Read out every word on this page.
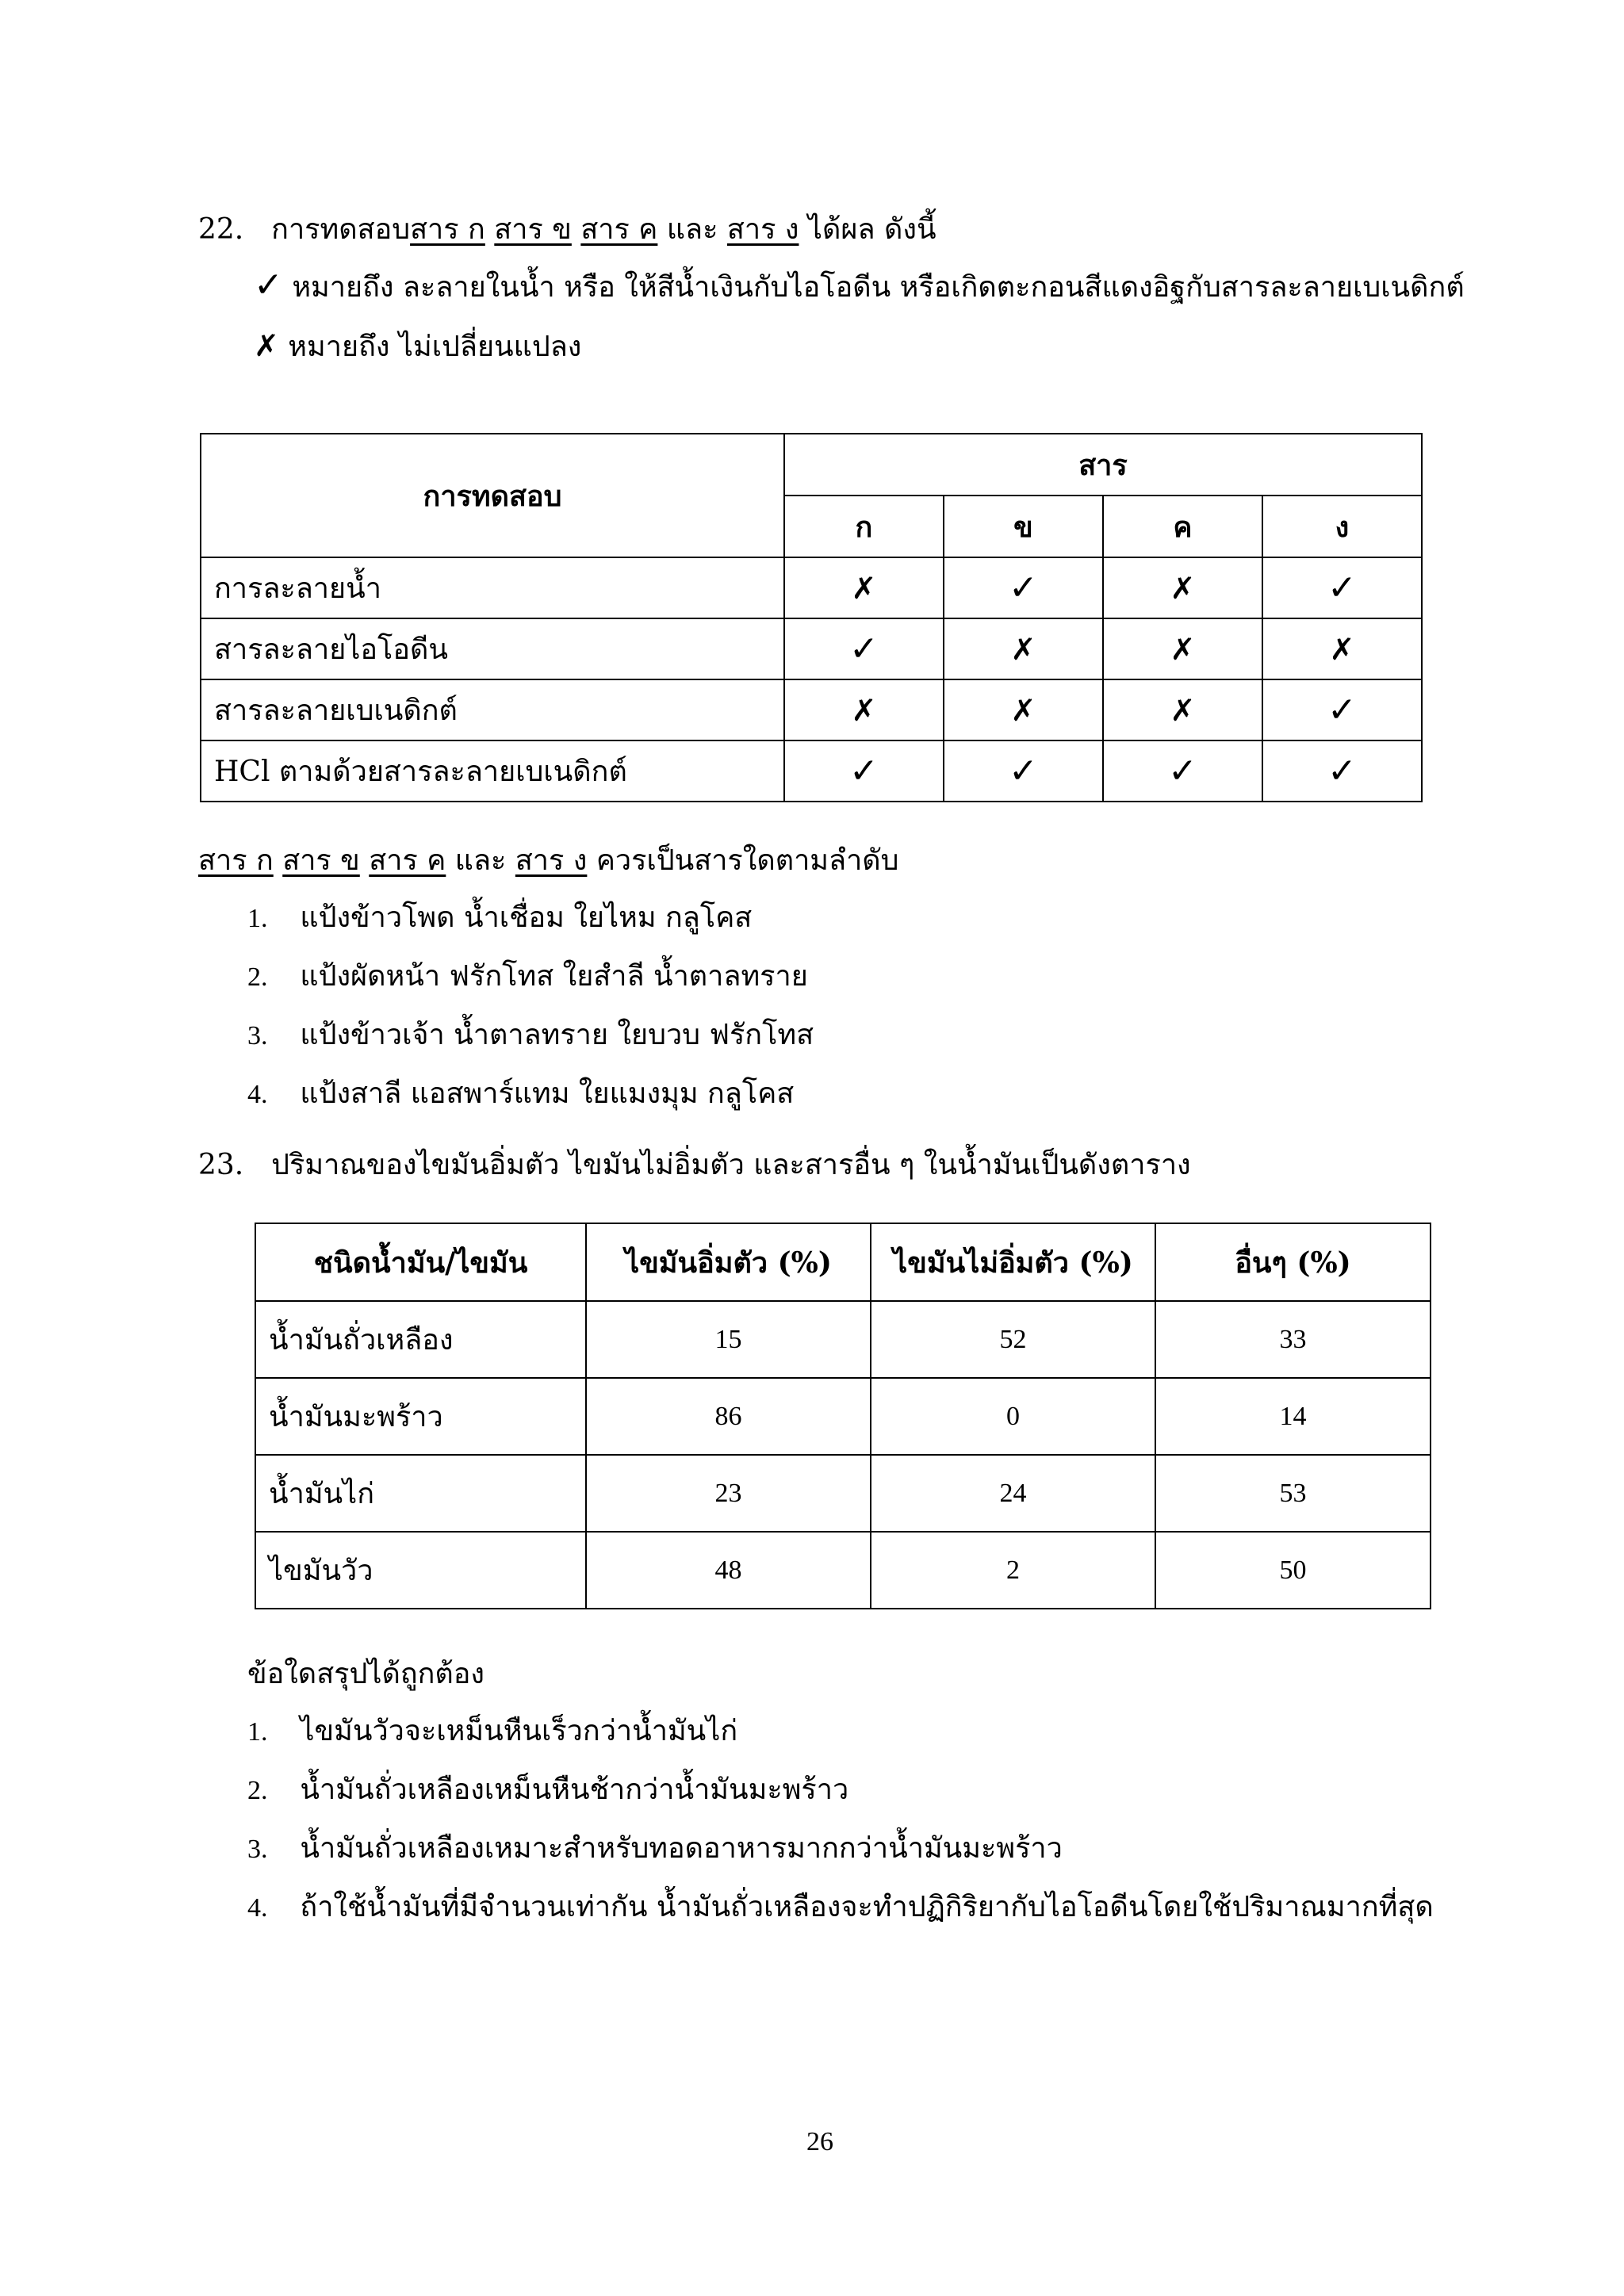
22. การทดสอบสาร ก สาร ข สาร ค และ สาร ง ได้ผล ดังนี้
✓ หมายถึง ละลายในน้ำ หรือ ให้สีน้ำเงินกับไอโอดีน หรือเกิดตะกอนสีแดงอิฐกับสารละลายเบเนดิกต์
✗ หมายถึง ไม่เปลี่ยนแปลง
การทดสอบ	สาร			
	ก	ข	ค	ง
การละลายน้ำ	✗	✓	✗	✓
สารละลายไอโอดีน	✓	✗	✗	✗
สารละลายเบเนดิกต์	✗	✗	✗	✓
HCl ตามด้วยสารละลายเบเนดิกต์	✓	✓	✓	✓
สาร ก สาร ข สาร ค และ สาร ง ควรเป็นสารใดตามลำดับ
1. แป้งข้าวโพด น้ำเชื่อม ใยไหม กลูโคส
2. แป้งผัดหน้า ฟรักโทส ใยสำลี น้ำตาลทราย
3. แป้งข้าวเจ้า น้ำตาลทราย ใยบวบ ฟรักโทส
4. แป้งสาลี แอสพาร์แทม ใยแมงมุม กลูโคส
23. ปริมาณของไขมันอิ่มตัว ไขมันไม่อิ่มตัว และสารอื่น ๆ ในน้ำมันเป็นดังตาราง
ชนิดน้ำมัน/ไขมัน	ไขมันอิ่มตัว (%)	ไขมันไม่อิ่มตัว (%)	อื่นๆ (%)
น้ำมันถั่วเหลือง	15	52	33
น้ำมันมะพร้าว	86	0	14
น้ำมันไก่	23	24	53
ไขมันวัว	48	2	50
ข้อใดสรุปได้ถูกต้อง
1. ไขมันวัวจะเหม็นหืนเร็วกว่าน้ำมันไก่
2. น้ำมันถั่วเหลืองเหม็นหืนช้ากว่าน้ำมันมะพร้าว
3. น้ำมันถั่วเหลืองเหมาะสำหรับทอดอาหารมากกว่าน้ำมันมะพร้าว
4. ถ้าใช้น้ำมันที่มีจำนวนเท่ากัน น้ำมันถั่วเหลืองจะทำปฏิกิริยากับไอโอดีนโดยใช้ปริมาณมากที่สุด
26
